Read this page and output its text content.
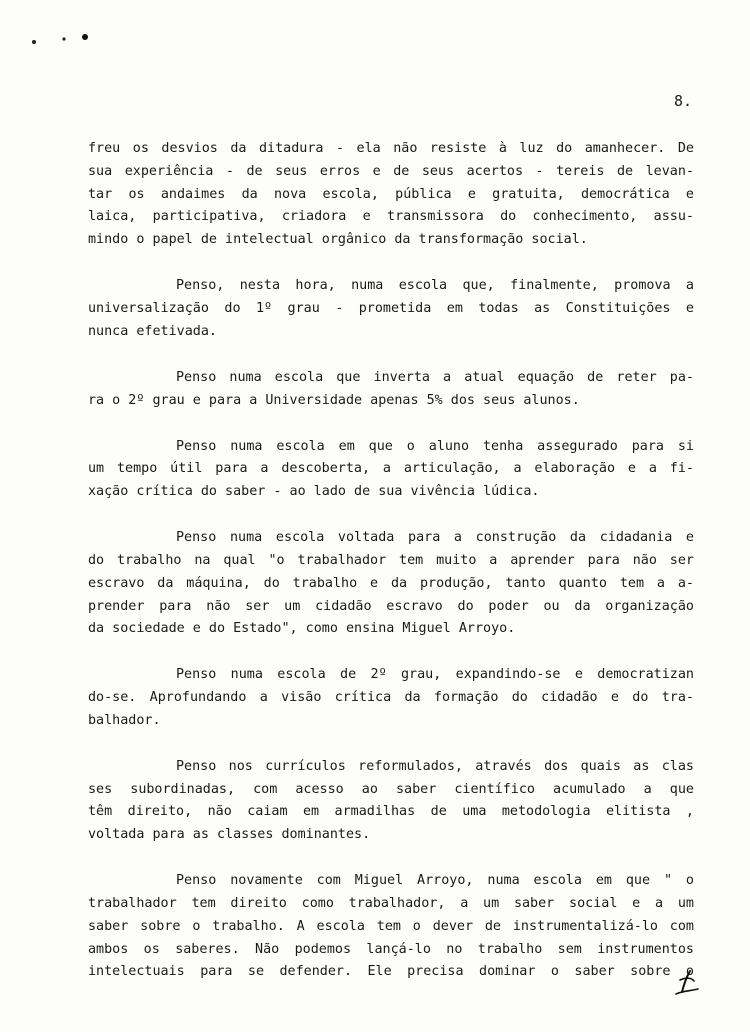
8.
freu os desvios da ditadura - ela não resiste à luz do amanhecer. De
sua experiência - de seus erros e de seus acertos - tereis de levan-
tar os andaimes da nova escola, pública e gratuita, democrática e
laica, participativa, criadora e transmissora do conhecimento, assu-
mindo o papel de intelectual orgânico da transformação social.
Penso, nesta hora, numa escola que, finalmente, promova a
universalização do 1º grau - prometida em todas as Constituições e
nunca efetivada.
Penso numa escola que inverta a atual equação de reter pa-
ra o 2º grau e para a Universidade apenas 5% dos seus alunos.
Penso numa escola em que o aluno tenha assegurado para si
um tempo útil para a descoberta, a articulação, a elaboração e a fi-
xação crítica do saber - ao lado de sua vivência lúdica.
Penso numa escola voltada para a construção da cidadania e
do trabalho na qual "o trabalhador tem muito a aprender para não ser
escravo da máquina, do trabalho e da produção, tanto quanto tem a a-
prender para não ser um cidadão escravo do poder ou da organização
da sociedade e do Estado", como ensina Miguel Arroyo.
Penso numa escola de 2º grau, expandindo-se e democratizan
do-se. Aprofundando a visão crítica da formação do cidadão e do tra-
balhador.
Penso nos currículos reformulados, através dos quais as clas
ses subordinadas, com acesso ao saber científico acumulado a que
têm direito, não caiam em armadilhas de uma metodologia elitista ,
voltada para as classes dominantes.
Penso novamente com Miguel Arroyo, numa escola em que " o
trabalhador tem direito como trabalhador, a um saber social e a um
saber sobre o trabalho. A escola tem o dever de instrumentalizá-lo com
ambos os saberes. Não podemos lançá-lo no trabalho sem instrumentos
intelectuais para se defender. Ele precisa dominar o saber sobre o
